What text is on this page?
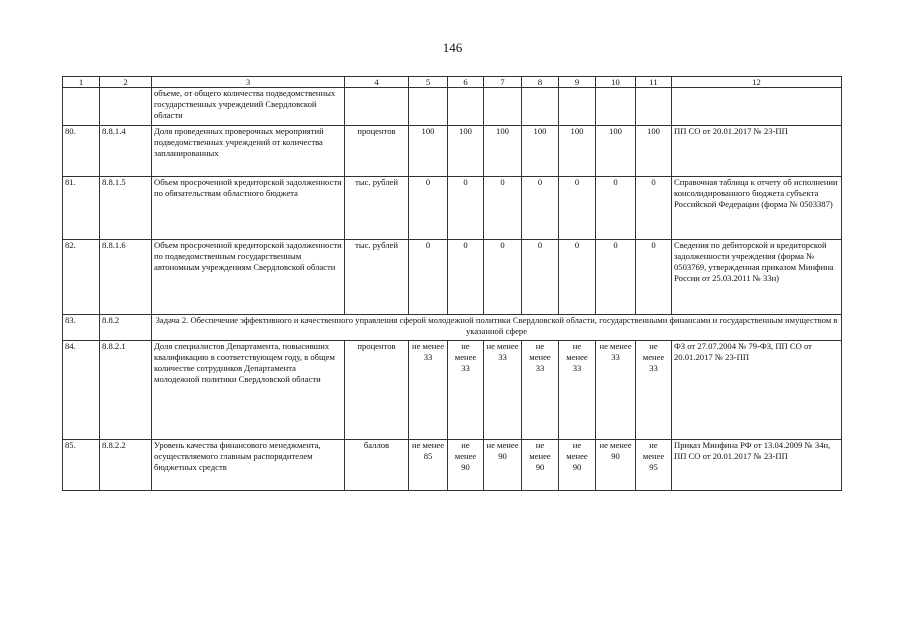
146
1	2	3	4	5	6	7	8	9	10	11	12
		объеме, от общего количества подведомственных государственных учреждений Свердловской области									
80.	8.8.1.4	Доля проведенных проверочных мероприятий подведомственных учреждений от количества запланированных	процентов	100	100	100	100	100	100	100	ПП СО от 20.01.2017 № 23-ПП
81.	8.8.1.5	Объем просроченной кредиторской задолженности по обязательствам областного бюджета	тыс. рублей	0	0	0	0	0	0	0	Справочная таблица к отчету об исполнении консолидированного бюджета субъекта Российской Федерации (форма № 0503387)
82.	8.8.1.6	Объем просроченной кредиторской задолженности по подведомственным государственным автономным учреждениям Свердловской области	тыс. рублей	0	0	0	0	0	0	0	Сведения по дебиторской и кредиторской задолженности учреждения (форма № 0503769, утвержденная приказом Минфина России от 25.03.2011 № 33н)
83.	8.8.2	Задача 2. Обеспечение эффективного и качественного управления сферой молодежной политики Свердловской области, государственными финансами и государственным имуществом в указанной сфере									
84.	8.8.2.1	Доля специалистов Департамента, повысивших квалификацию в соответствующем году, в общем количестве сотрудников Департамента молодежной политики Свердловской области	процентов	не менее 33	не менее 33	не менее 33	не менее 33	не менее 33	не менее 33	не менее 33	ФЗ от 27.07.2004 № 79-ФЗ, ПП СО от 20.01.2017 № 23-ПП
85.	8.8.2.2	Уровень качества финансового менеджмента, осуществляемого главным распорядителем бюджетных средств	баллов	не менее 85	не менее 90	не менее 90	не менее 90	не менее 90	не менее 90	не менее 95	Приказ Минфина РФ от 13.04.2009 № 34н, ПП СО от 20.01.2017 № 23-ПП
